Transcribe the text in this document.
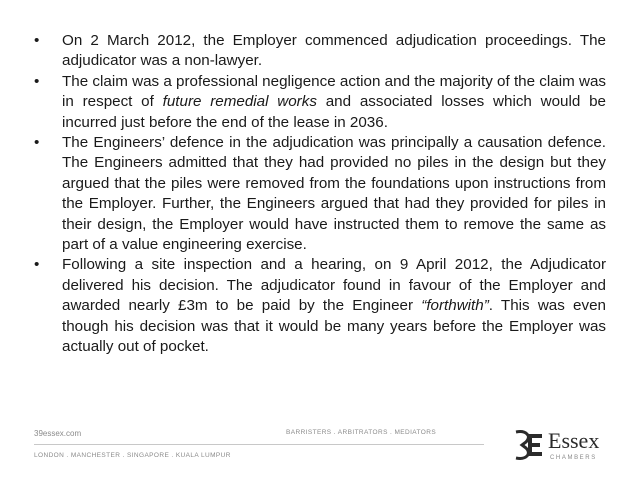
•	On 2 March 2012, the Employer commenced adjudication proceedings. The adjudicator was a non-lawyer.
•	The claim was a professional negligence action and the majority of the claim was in respect of future remedial works and associated losses which would be incurred just before the end of the lease in 2036.
•	The Engineers’ defence in the adjudication was principally a causation defence. The Engineers admitted that they had provided no piles in the design but they argued that the piles were removed from the foundations upon instructions from the Employer. Further, the Engineers argued that had they provided for piles in their design, the Employer would have instructed them to remove the same as part of a value engineering exercise.
•	Following a site inspection and a hearing, on 9 April 2012, the Adjudicator delivered his decision. The adjudicator found in favour of the Employer and awarded nearly £3m to be paid by the Engineer “forthwith”. This was even though his decision was that it would be many years before the Employer was actually out of pocket.
39essex.com	BARRISTERS . ARBITRATORS . MEDIATORS
LONDON . MANCHESTER . SINGAPORE . KUALA LUMPUR
Essex
CHAMBERS
